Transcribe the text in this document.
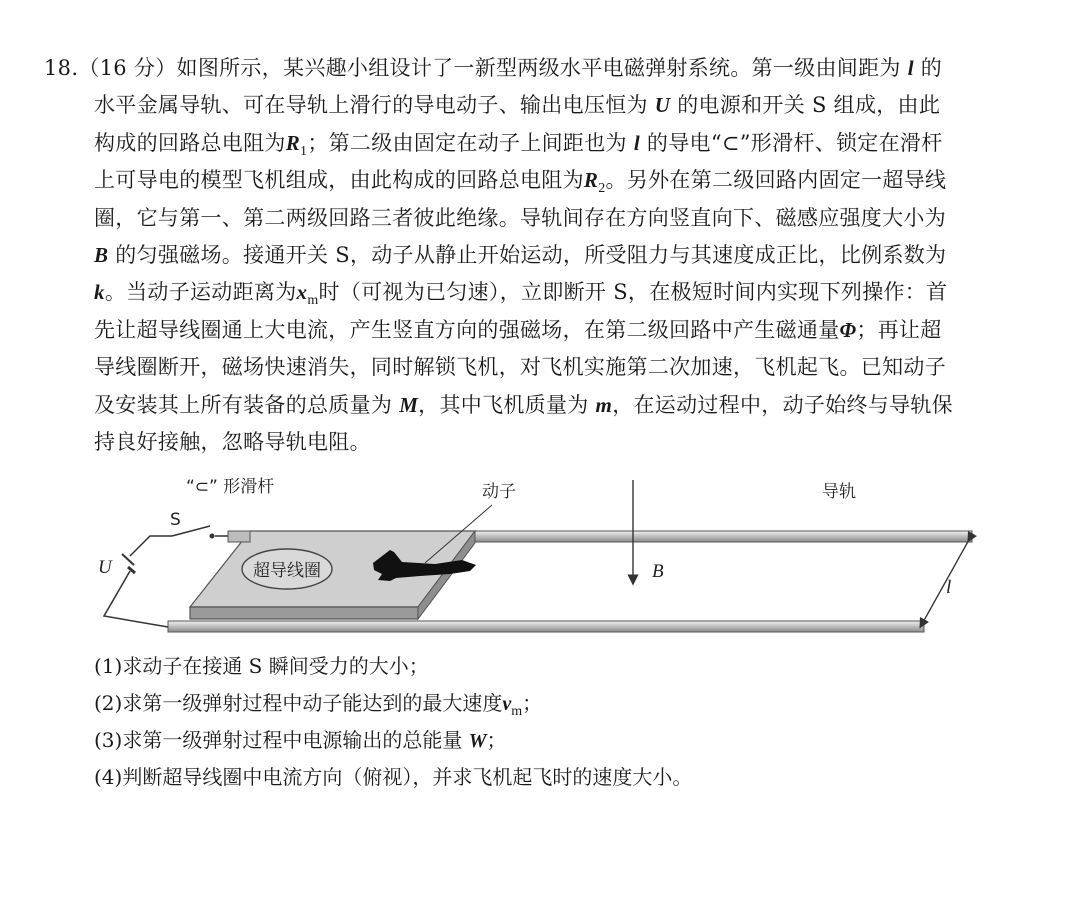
18.（16 分）如图所示，某兴趣小组设计了一新型两级水平电磁弹射系统。第一级由间距为 l 的
水平金属导轨、可在导轨上滑行的导电动子、输出电压恒为 U 的电源和开关 S 组成，由此
构成的回路总电阻为$R_1$；第二级由固定在动子上间距也为 l 的导电“⊂”形滑杆、锁定在滑杆
上可导电的模型飞机组成，由此构成的回路总电阻为$R_2$。另外在第二级回路内固定一超导线
圈，它与第一、第二两级回路三者彼此绝缘。导轨间存在方向竖直向下、磁感应强度大小为
B 的匀强磁场。接通开关 S，动子从静止开始运动，所受阻力与其速度成正比，比例系数为
k。当动子运动距离为$x_m$时（可视为已匀速），立即断开 S，在极短时间内实现下列操作：首
先让超导线圈通上大电流，产生竖直方向的强磁场，在第二级回路中产生磁通量Φ；再让超
导线圈断开，磁场快速消失，同时解锁飞机，对飞机实施第二次加速，飞机起飞。已知动子
及安装其上所有装备的总质量为 M，其中飞机质量为 m，在运动过程中，动子始终与导轨保
持良好接触，忽略导轨电阻。
超导线圈	B
l
“⊂” 形滑杆	动子	导轨
S
U
(1)求动子在接通 S 瞬间受力的大小；
(2)求第一级弹射过程中动子能达到的最大速度$v_m$；
(3)求第一级弹射过程中电源输出的总能量 W；
(4)判断超导线圈中电流方向（俯视），并求飞机起飞时的速度大小。
